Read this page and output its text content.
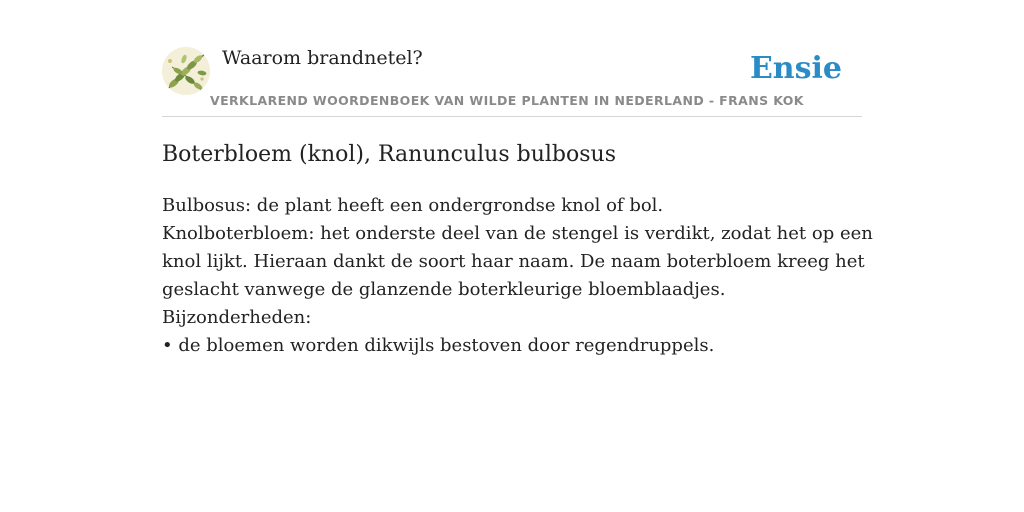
Waarom brandnetel?	Ensie
VERKLAREND WOORDENBOEK VAN WILDE PLANTEN IN NEDERLAND - FRANS KOK
Boterbloem (knol), Ranunculus bulbosus

Bulbosus: de plant heeft een ondergrondse knol of bol.

Knolboterbloem: het onderste deel van de stengel is verdikt, zodat het op een

knol lijkt. Hieraan dankt de soort haar naam. De naam boterbloem kreeg het

geslacht vanwege de glanzende boterkleurige bloemblaadjes.

Bijzonderheden:

• de bloemen worden dikwijls bestoven door regendruppels.
